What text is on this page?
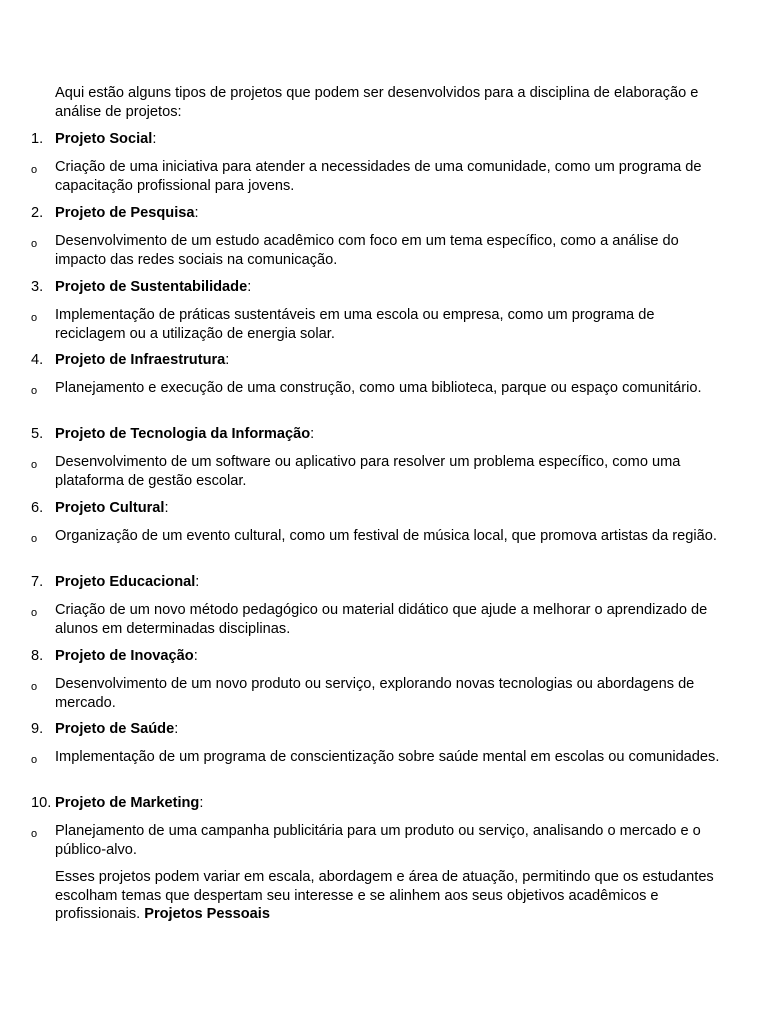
Aqui estão alguns tipos de projetos que podem ser desenvolvidos para a disciplina de elaboração e análise de projetos:

1. Projeto Social:
o Criação de uma iniciativa para atender a necessidades de uma comunidade, como um programa de capacitação profissional para jovens.
2. Projeto de Pesquisa:
o Desenvolvimento de um estudo acadêmico com foco em um tema específico, como a análise do impacto das redes sociais na comunicação.
3. Projeto de Sustentabilidade:
o Implementação de práticas sustentáveis em uma escola ou empresa, como um programa de reciclagem ou a utilização de energia solar.
4. Projeto de Infraestrutura:
o Planejamento e execução de uma construção, como uma biblioteca, parque ou espaço comunitário.
5. Projeto de Tecnologia da Informação:
o Desenvolvimento de um software ou aplicativo para resolver um problema específico, como uma plataforma de gestão escolar.
6. Projeto Cultural:
o Organização de um evento cultural, como um festival de música local, que promova artistas da região.
7. Projeto Educacional:
o Criação de um novo método pedagógico ou material didático que ajude a melhorar o aprendizado de alunos em determinadas disciplinas.
8. Projeto de Inovação:
o Desenvolvimento de um novo produto ou serviço, explorando novas tecnologias ou abordagens de mercado.
9. Projeto de Saúde:
o Implementação de um programa de conscientização sobre saúde mental em escolas ou comunidades.
10. Projeto de Marketing:
o Planejamento de uma campanha publicitária para um produto ou serviço, analisando o mercado e o público-alvo.

Esses projetos podem variar em escala, abordagem e área de atuação, permitindo que os estudantes escolham temas que despertam seu interesse e se alinhem aos seus objetivos acadêmicos e profissionais. Projetos Pessoais
